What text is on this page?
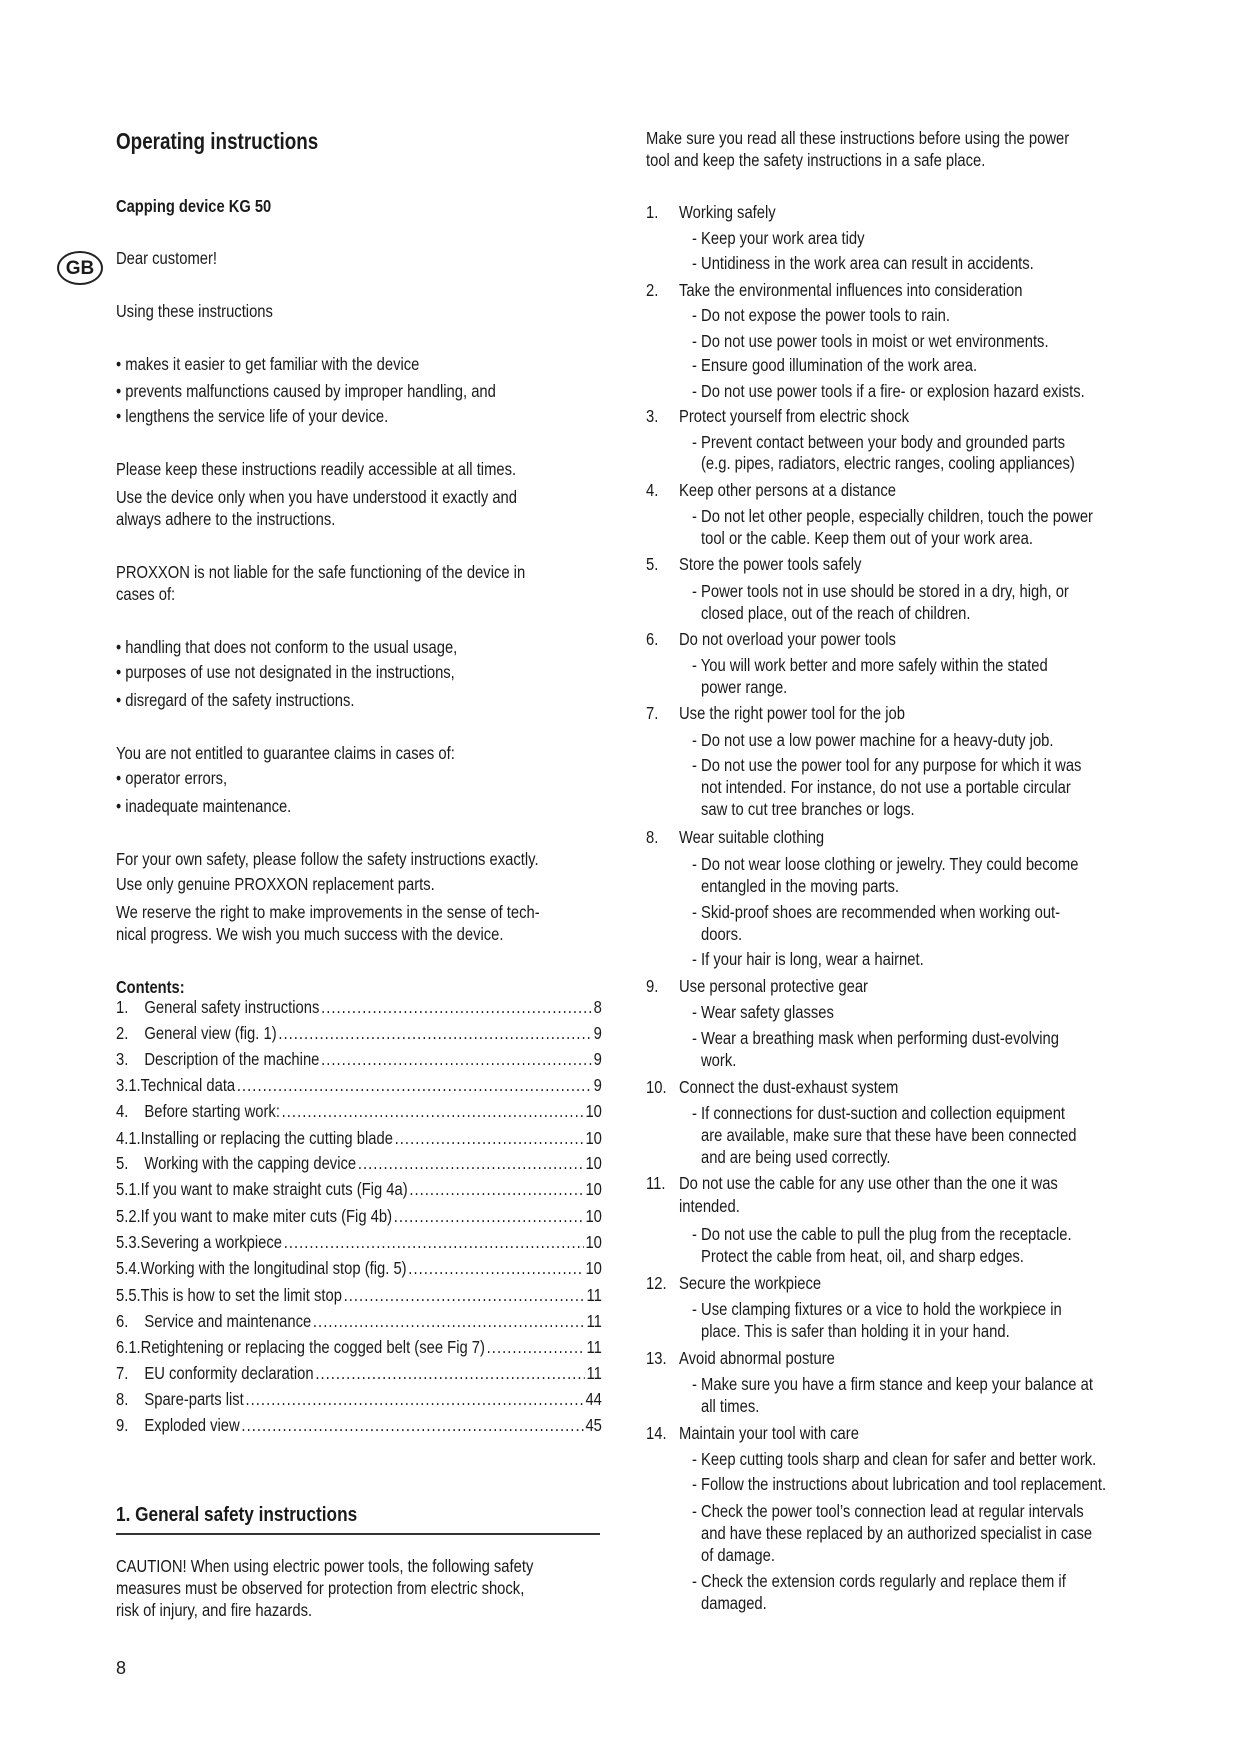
GB
Operating instructions
Capping device KG 50
Dear customer!
Using these instructions
• makes it easier to get familiar with the device
• prevents malfunctions caused by improper handling, and
• lengthens the service life of your device.
Please keep these instructions readily accessible at all times.
Use the device only when you have understood it exactly and
always adhere to the instructions.
PROXXON is not liable for the safe functioning of the device in
cases of:
• handling that does not conform to the usual usage,
• purposes of use not designated in the instructions,
• disregard of the safety instructions.
You are not entitled to guarantee claims in cases of:
• operator errors,
• inadequate maintenance.
For your own safety, please follow the safety instructions exactly.
Use only genuine PROXXON replacement parts.
We reserve the right to make improvements in the sense of tech-
nical progress. We wish you much success with the device.
Contents:
1. General safety instructions .....	8
2. General view (fig. 1) .....	9
3. Description of the machine .....	9
3.1. Technical data .....	9
4. Before starting work: .....	10
4.1. Installing or replacing the cutting blade .....	10
5. Working with the capping device .....	10
5.1. If you want to make straight cuts (Fig 4a) .....	10
5.2. If you want to make miter cuts (Fig 4b) .....	10
5.3. Severing a workpiece .....	10
5.4. Working with the longitudinal stop (fig. 5) .....	10
5.5. This is how to set the limit stop .....	11
6. Service and maintenance .....	11
6.1. Retightening or replacing the cogged belt (see Fig 7) .....	11
7. EU conformity declaration .....	11
8. Spare-parts list .....	44
9. Exploded view .....	45
1. General safety instructions
CAUTION! When using electric power tools, the following safety
measures must be observed for protection from electric shock,
risk of injury, and fire hazards.
Make sure you read all these instructions before using the power
tool and keep the safety instructions in a safe place.
1. Working safely
- Keep your work area tidy
- Untidiness in the work area can result in accidents.
2. Take the environmental influences into consideration
- Do not expose the power tools to rain.
- Do not use power tools in moist or wet environments.
- Ensure good illumination of the work area.
- Do not use power tools if a fire- or explosion hazard exists.
3. Protect yourself from electric shock
- Prevent contact between your body and grounded parts
(e.g. pipes, radiators, electric ranges, cooling appliances)
4. Keep other persons at a distance
- Do not let other people, especially children, touch the power
tool or the cable. Keep them out of your work area.
5. Store the power tools safely
- Power tools not in use should be stored in a dry, high, or
closed place, out of the reach of children.
6. Do not overload your power tools
- You will work better and more safely within the stated
power range.
7. Use the right power tool for the job
- Do not use a low power machine for a heavy-duty job.
- Do not use the power tool for any purpose for which it was
not intended. For instance, do not use a portable circular
saw to cut tree branches or logs.
8. Wear suitable clothing
- Do not wear loose clothing or jewelry. They could become
entangled in the moving parts.
- Skid-proof shoes are recommended when working out-
doors.
- If your hair is long, wear a hairnet.
9. Use personal protective gear
- Wear safety glasses
- Wear a breathing mask when performing dust-evolving
work.
10. Connect the dust-exhaust system
- If connections for dust-suction and collection equipment
are available, make sure that these have been connected
and are being used correctly.
11. Do not use the cable for any use other than the one it was
intended.
- Do not use the cable to pull the plug from the receptacle.
Protect the cable from heat, oil, and sharp edges.
12. Secure the workpiece
- Use clamping fixtures or a vice to hold the workpiece in
place. This is safer than holding it in your hand.
13. Avoid abnormal posture
- Make sure you have a firm stance and keep your balance at
all times.
14. Maintain your tool with care
- Keep cutting tools sharp and clean for safer and better work.
- Follow the instructions about lubrication and tool replacement.
- Check the power tool’s connection lead at regular intervals
and have these replaced by an authorized specialist in case
of damage.
- Check the extension cords regularly and replace them if
damaged.
8
